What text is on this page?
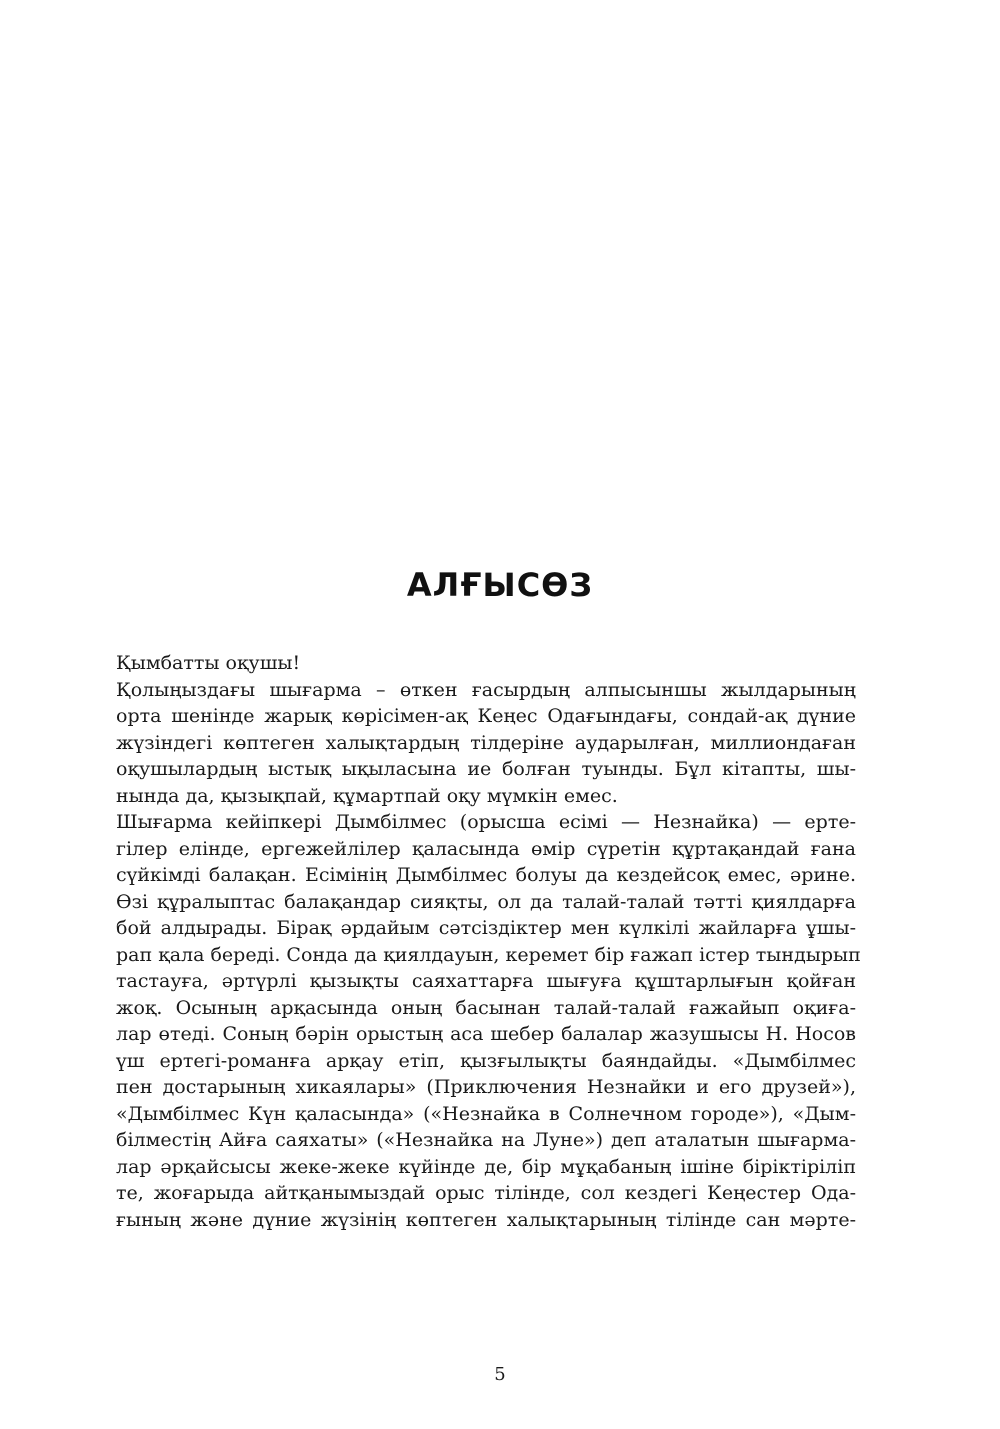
АЛҒЫСӨЗ
Қымбатты оқушы!
Қолыңыздағы шығарма – өткен ғасырдың алпысыншы жылдарының
орта шенінде жарық көрісімен-ақ Кеңес Одағындағы, сондай-ақ дүние
жүзіндегі көптеген халықтардың тілдеріне аударылған, миллиондаған
оқушылардың ыстық ықыласына ие болған туынды. Бұл кітапты, шы-
нында да, қызықпай, құмартпай оқу мүмкін емес.
Шығарма кейіпкері Дымбілмес (орысша есімі — Незнайка) — ерте-
гілер елінде, ергежейлілер қаласында өмір сүретін құртақандай ғана
сүйкімді балақан. Есімінің Дымбілмес болуы да кездейсоқ емес, әрине.
Өзі құралыптас балақандар сияқты, ол да талай-талай тәтті қиялдарға
бой алдырады. Бірақ әрдайым сәтсіздіктер мен күлкілі жайларға ұшы-
рап қала береді. Сонда да қиялдауын, керемет бір ғажап істер тындырып
тастауға, әртүрлі қызықты саяхаттарға шығуға құштарлығын қойған
жоқ. Осының арқасында оның басынан талай-талай ғажайып оқиға-
лар өтеді. Соның бәрін орыстың аса шебер балалар жазушысы Н. Носов
үш ертегі-романға арқау етіп, қызғылықты баяндайды. «Дымбілмес
пен достарының хикаялары» (Приключения Незнайки и его друзей»),
«Дымбілмес Күн қаласында» («Незнайка в Солнечном городе»), «Дым-
білместің Айға саяхаты» («Незнайка на Луне») деп аталатын шығарма-
лар әрқайсысы жеке-жеке күйінде де, бір мұқабаның ішіне біріктіріліп
те, жоғарыда айтқанымыздай орыс тілінде, сол кездегі Кеңестер Ода-
ғының және дүние жүзінің көптеген халықтарының тілінде сан мәрте-
5
